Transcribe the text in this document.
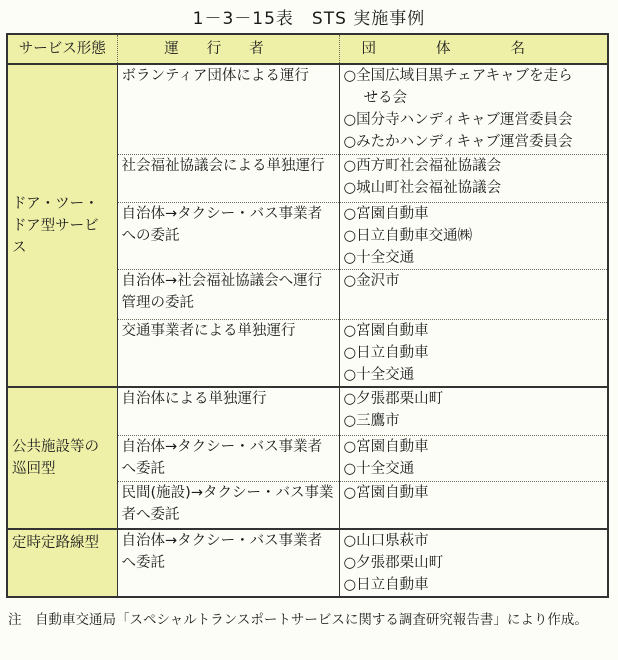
1－3－15表　STS 実施事例
サービス形態	運行者	団体名
ドア・ツー・ドア型サービス	ボランティア団体による運行	○全国広域目黒チェアキャブを走ら
せる会
○国分寺ハンディキャブ運営委員会
○みたかハンディキャブ運営委員会

	社会福祉協議会による単独運行	○西方町社会福祉協議会
○城山町社会福祉協議会

	自治体→タクシー・バス事業者への委託	○宮園自動車
○日立自動車交通㈱
○十全交通

	自治体→社会福祉協議会へ運行管理の委託	○金沢市

	交通事業者による単独運行	○宮園自動車
○日立自動車
○十全交通

公共施設等の巡回型	自治体による単独運行	○夕張郡栗山町
○三鷹市

	自治体→タクシー・バス事業者へ委託	○宮園自動車
○十全交通

	民間(施設)→タクシー・バス事業者へ委託	○宮園自動車

定時定路線型	自治体→タクシー・バス事業者へ委託	○山口県萩市
○夕張郡栗山町
○日立自動車
注　自動車交通局「スペシャルトランスポートサービスに関する調査研究報告書」により作成。
